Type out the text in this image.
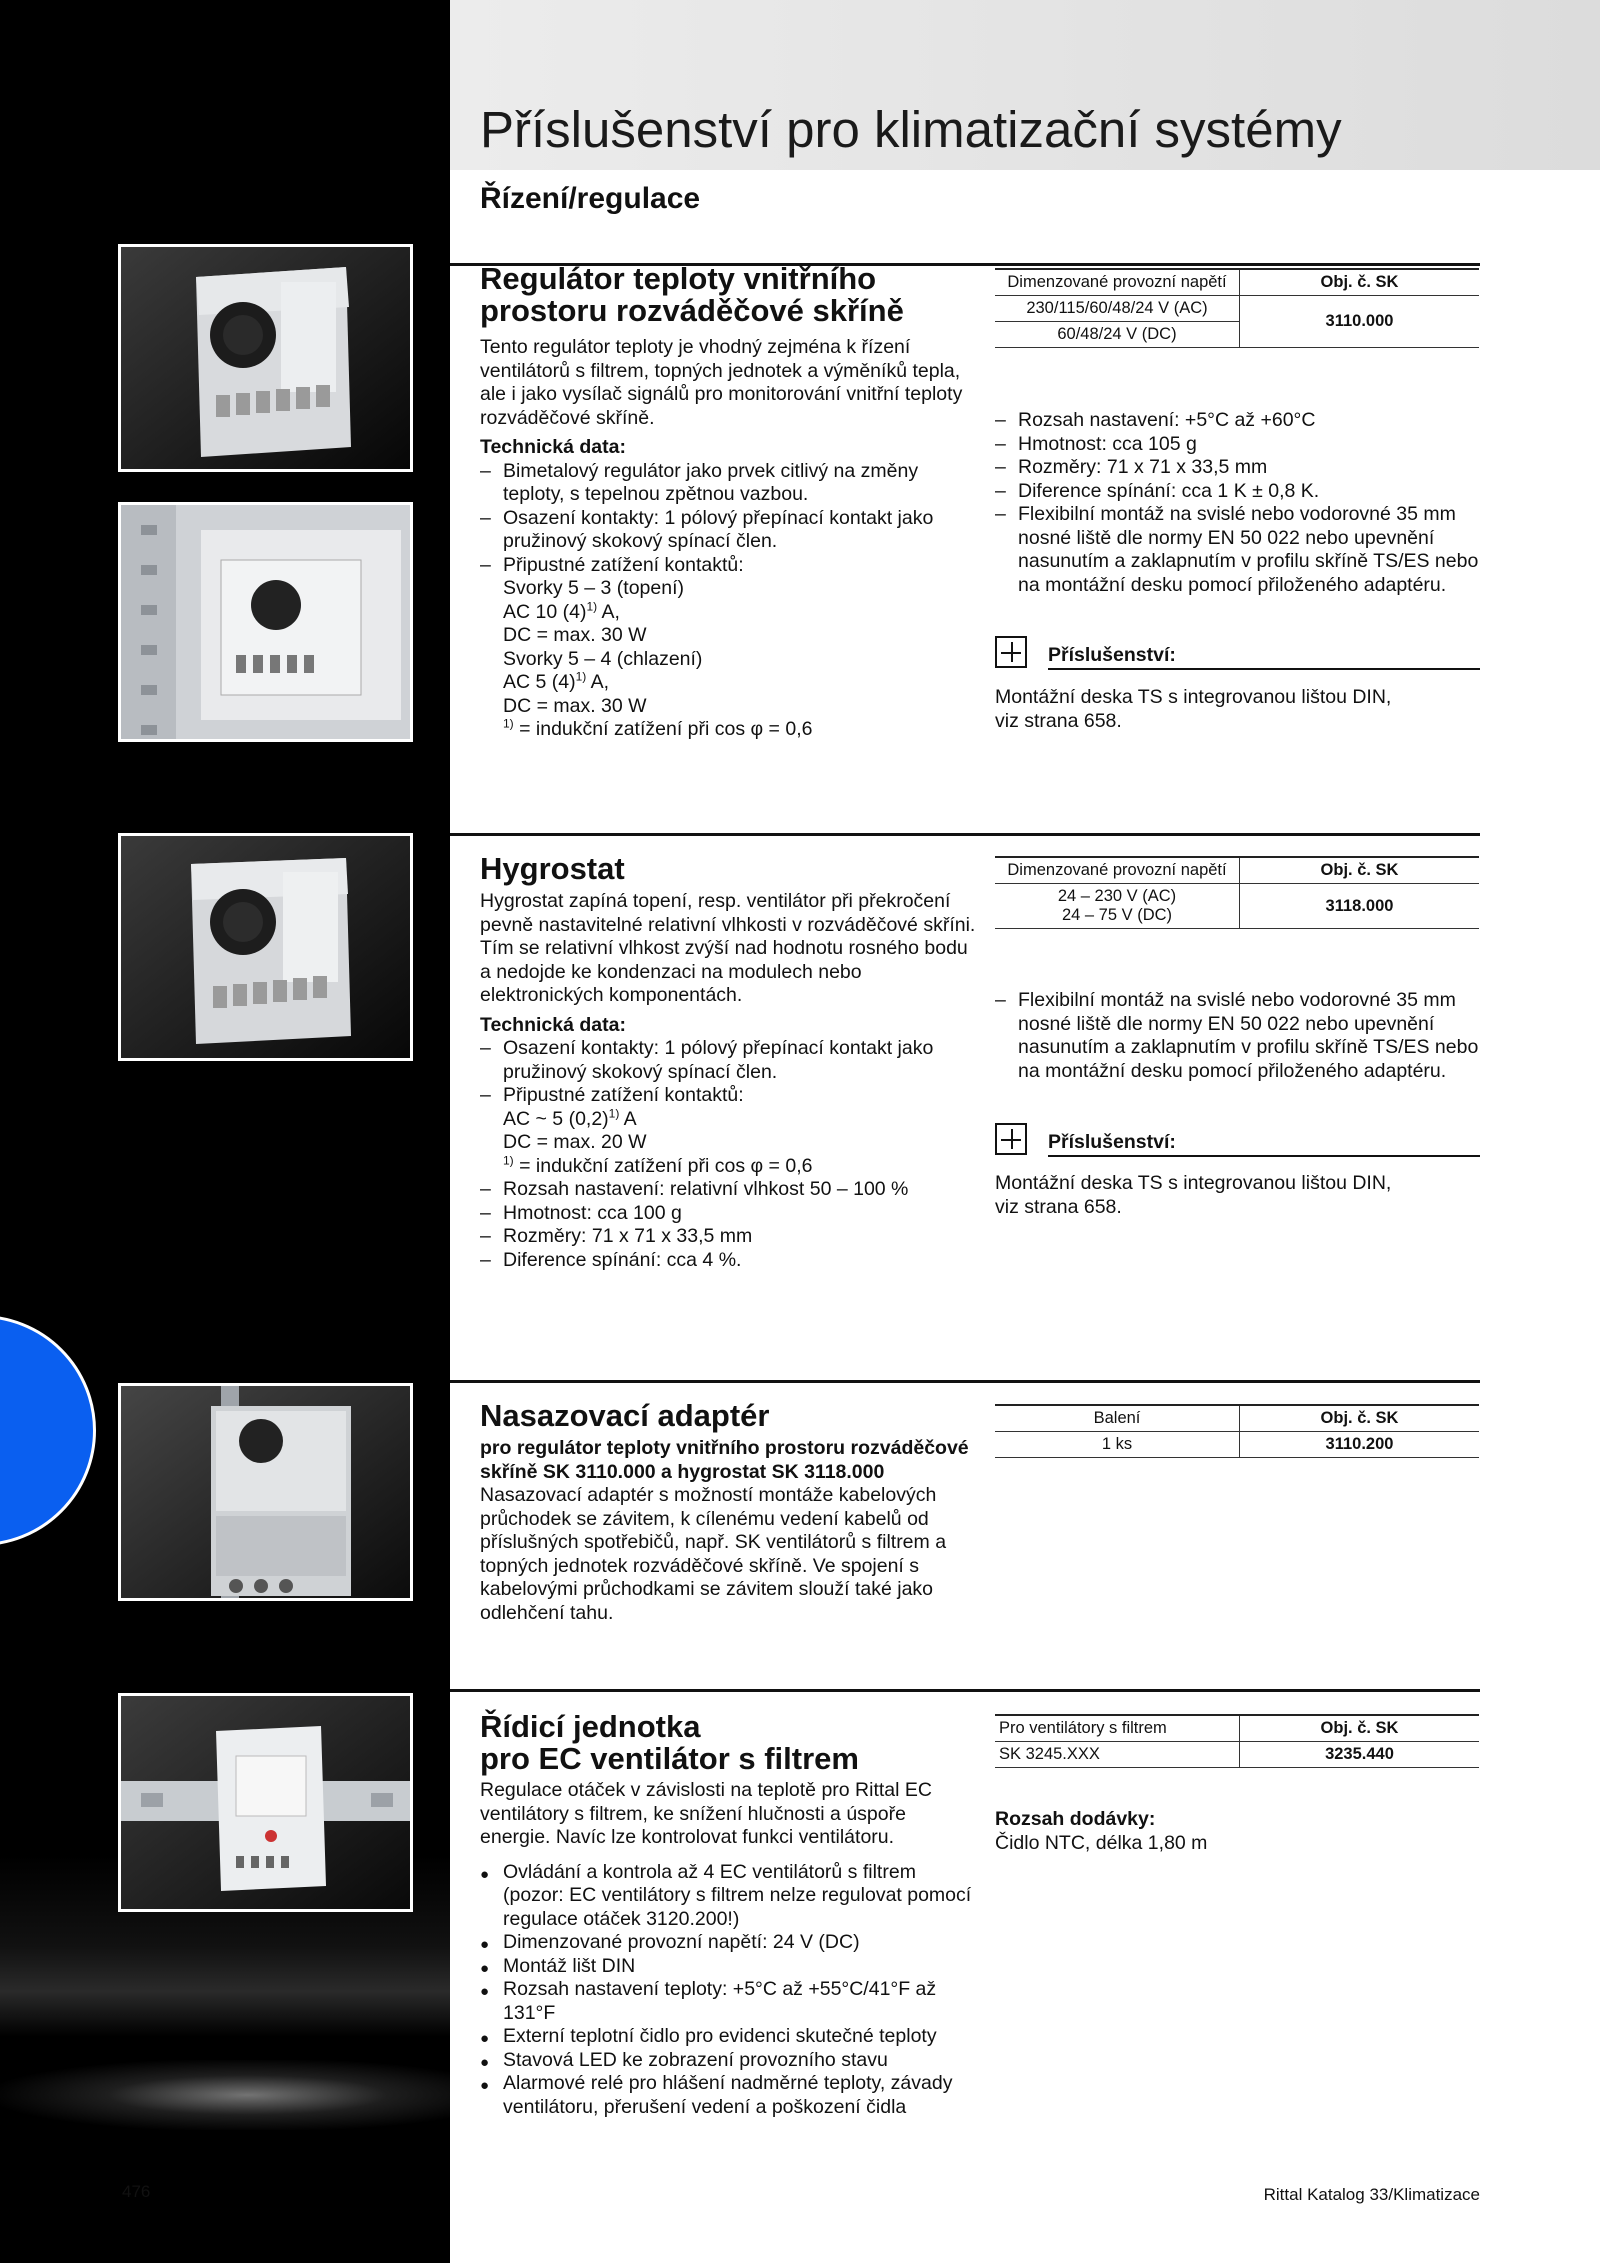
Příslušenství pro klimatizační systémy
Řízení/regulace
Regulátor teploty vnitřního
prostoru rozváděčové skříně

Tento regulátor teploty je vhodný zejména k řízení ventilátorů s filtrem, topných jednotek a výměníků tepla, ale i jako vysílač signálů pro monitorování vnitřní teploty rozváděčové skříně.

Technická data:

– Bimetalový regulátor jako prvek citlivý na změny teploty, s tepelnou zpětnou vazbou.
– Osazení kontakty: 1 pólový přepínací kontakt jako pružinový skokový spínací člen.
– Připustné zatížení kontaktů:
Svorky 5 – 3 (topení)
AC 10 $(4)^{1)}$ A,
DC = max. 30 W
Svorky 5 – 4 (chlazení)
AC 5 $(4)^{1)}$ A,
DC = max. 30 W
$^{1)}$ = indukční zatížení při cos φ = 0,6
Dimenzované provozní napětí	Obj. č. SK
230/115/60/48/24 V (AC)	3110.000
60/48/24 V (DC)	
– Rozsah nastavení: +5°C až +60°C
– Hmotnost: cca 105 g
– Rozměry: 71 x 71 x 33,5 mm
– Diference spínání: cca 1 K ± 0,8 K.
– Flexibilní montáž na svislé nebo vodorovné 35 mm nosné liště dle normy EN 50 022 nebo upevnění nasunutím a zaklapnutím v profilu skříně TS/ES nebo na montážní desku pomocí přiloženého adaptéru.
Příslušenství:
Montážní deska TS s integrovanou lištou DIN,
viz strana 658.
Hygrostat

Hygrostat zapíná topení, resp. ventilátor při překročení pevně nastavitelné relativní vlhkosti v rozváděčové skříni.

Tím se relativní vlhkost zvýší nad hodnotu rosného bodu a nedojde ke kondenzaci na modulech nebo elektronických komponentách.

Technická data:

– Osazení kontakty: 1 pólový přepínací kontakt jako pružinový skokový spínací člen.
– Připustné zatížení kontaktů:
AC ~ 5 $(0,2)^{1)}$ A
DC = max. 20 W
$^{1)}$ = indukční zatížení při cos φ = 0,6
– Rozsah nastavení: relativní vlhkost 50 – 100 %
– Hmotnost: cca 100 g
– Rozměry: 71 x 71 x 33,5 mm
– Diference spínání: cca 4 %.
Dimenzované provozní napětí	Obj. č. SK
24 – 230 V (AC)
24 – 75 V (DC)	3118.000
– Flexibilní montáž na svislé nebo vodorovné 35 mm nosné liště dle normy EN 50 022 nebo upevnění nasunutím a zaklapnutím v profilu skříně TS/ES nebo na montážní desku pomocí přiloženého adaptéru.
Příslušenství:
Montážní deska TS s integrovanou lištou DIN,
viz strana 658.
Nasazovací adaptér

pro regulátor teploty vnitřního prostoru rozváděčové skříně SK 3110.000 a hygrostat SK 3118.000

Nasazovací adaptér s možností montáže kabelových průchodek se závitem, k cílenému vedení kabelů od příslušných spotřebičů, např. SK ventilátorů s filtrem a topných jednotek rozváděčové skříně. Ve spojení s kabelovými průchodkami se závitem slouží také jako odlehčení tahu.

Balení	Obj. č. SK
1 ks	3110.200
Řídicí jednotka
pro EC ventilátor s filtrem

Regulace otáček v závislosti na teplotě pro Rittal EC ventilátory s filtrem, ke snížení hlučnosti a úspoře energie. Navíc lze kontrolovat funkci ventilátoru.

● Ovládání a kontrola až 4 EC ventilátorů s filtrem (pozor: EC ventilátory s filtrem nelze regulovat pomocí regulace otáček 3120.200!)
● Dimenzované provozní napětí: 24 V (DC)
● Montáž lišt DIN
● Rozsah nastavení teploty: +5°C až +55°C/41°F až 131°F
● Externí teplotní čidlo pro evidenci skutečné teploty
● Stavová LED ke zobrazení provozního stavu
● Alarmové relé pro hlášení nadměrné teploty, závady ventilátoru, přerušení vedení a poškození čidla
Pro ventilátory s filtrem	Obj. č. SK
SK 3245.XXX	3235.440
Rozsah dodávky:
Čidlo NTC, délka 1,80 m
476	Rittal Katalog 33/Klimatizace
